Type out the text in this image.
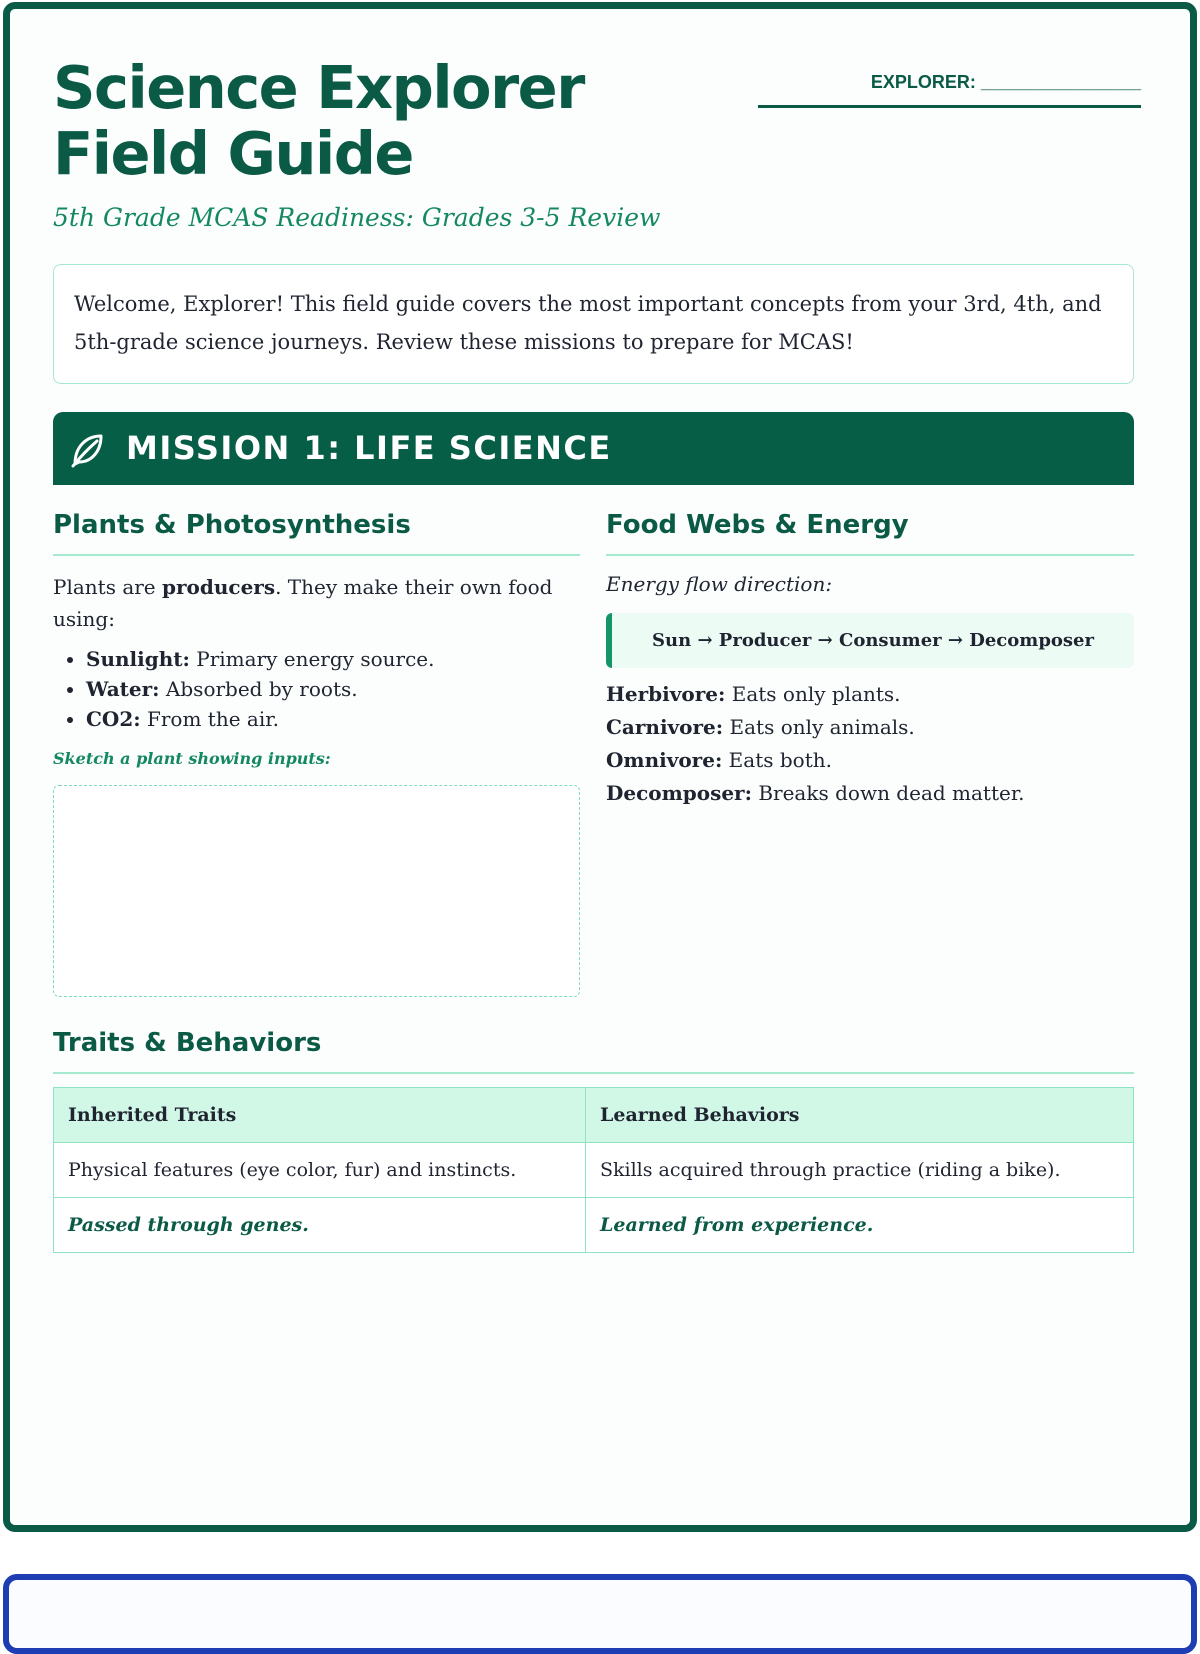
Science Explorer Field Guide
5th Grade MCAS Readiness: Grades 3-5 Review
EXPLORER: ________________
Welcome, Explorer! This field guide covers the most important concepts from your 3rd, 4th, and 5th-grade science journeys. Review these missions to prepare for MCAS!
MISSION 1: LIFE SCIENCE
Plants & Photosynthesis
Plants are producers. They make their own food using:
• Sunlight: Primary energy source.
• Water: Absorbed by roots.
• CO2: From the air.
Sketch a plant showing inputs:
Food Webs & Energy
Energy flow direction:
Sun → Producer → Consumer → Decomposer
Herbivore: Eats only plants.
Carnivore: Eats only animals.
Omnivore: Eats both.
Decomposer: Breaks down dead matter.
Traits & Behaviors
Inherited Traits	Learned Behaviors
Physical features (eye color, fur) and instincts.	Skills acquired through practice (riding a bike).
Passed through genes.	Learned from experience.
